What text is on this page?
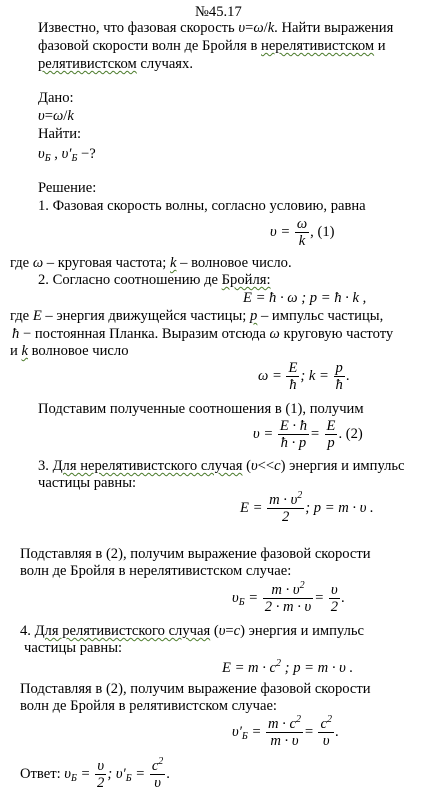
№45.17
Известно, что фазовая скорость υ=ω/k. Найти выражения
фазовой скорости волн де Бройля в нерелятивистском и
релятивистском случаях.
Дано:
υ=ω/k
Найти:
$\upsilon_Б$ , $\upsilon'_Б$ −?
Решение:
1. Фазовая скорость волны, согласно условию, равна
$\upsilon = \frac{\omega}{k}$ , (1)
где ω – круговая частота; k – волновое число.
2. Согласно соотношению де Бройля:
E = ħ · ω ; p = ħ · k ,
где E – энергия движущейся частицы; p – импульс частицы,
ħ − постоянная Планка. Выразим отсюда ω круговую частоту
и k волновое число
$\omega = \frac{E}{ħ}$ ; $k = \frac{p}{ħ}$ .
Подставим полученные соотношения в (1), получим
$\upsilon = \frac{E \cdot ħ}{ħ \cdot p} = \frac{E}{p}$ . (2)
3. Для нерелятивистского случая (υ<<c) энергия и импульс
частицы равны:
$E = \frac{m \cdot \upsilon^2}{2}$ ; p = m · υ .
Подставляя в (2), получим выражение фазовой скорости
волн де Бройля в нерелятивистском случае:
$\upsilon_Б = \frac{m \cdot \upsilon^2}{2 \cdot m \cdot \upsilon} = \frac{\upsilon}{2}$ .
4. Для релятивистского случая (υ=c) энергия и импульс
частицы равны:
$E = m \cdot c^2$ ; p = m · υ .
Подставляя в (2), получим выражение фазовой скорости
волн де Бройля в релятивистском случае:
$\upsilon'_Б = \frac{m \cdot c^2}{m \cdot \upsilon} = \frac{c^2}{\upsilon}$ .
Ответ: $\upsilon_Б = \frac{\upsilon}{2}$ ; $\upsilon'_Б = \frac{c^2}{\upsilon}$ .
